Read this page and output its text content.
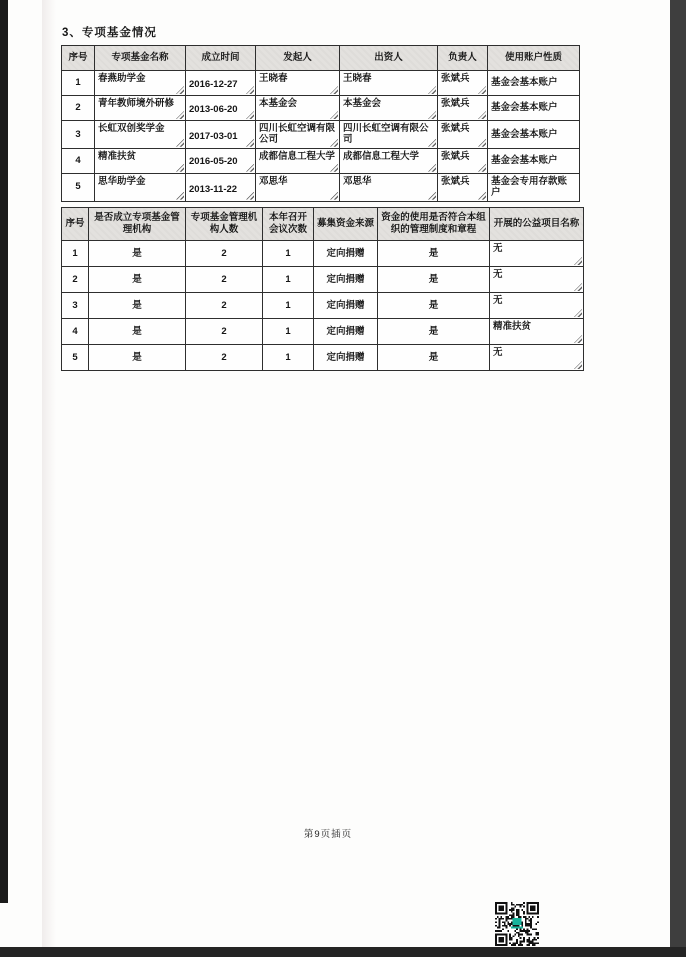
3、专项基金情况
序号	专项基金名称	成立时间	发起人	出资人	负责人	使用账户性质
1	春燕助学金	2016-12-27	王晓春	王晓春	张斌兵	基金会基本账户
2	青年教师境外研修	2013-06-20	本基金会	本基金会	张斌兵	基金会基本账户
3	长虹双创奖学金	2017-03-01	四川长虹空调有限公司	四川长虹空调有限公司	张斌兵	基金会基本账户
4	精准扶贫	2016-05-20	成都信息工程大学	成都信息工程大学	张斌兵	基金会基本账户
5	思华助学金	2013-11-22	邓思华	邓思华	张斌兵	基金会专用存款账户
序号	是否成立专项基金管理机构	专项基金管理机构人数	本年召开会议次数	募集资金来源	资金的使用是否符合本组织的管理制度和章程	开展的公益项目名称
1	是	2	1	定向捐赠	是	无

2	是	2	1	定向捐赠	是	无

3	是	2	1	定向捐赠	是	无

4	是	2	1	定向捐赠	是	精准扶贫

5	是	2	1	定向捐赠	是	无
第9页插页
